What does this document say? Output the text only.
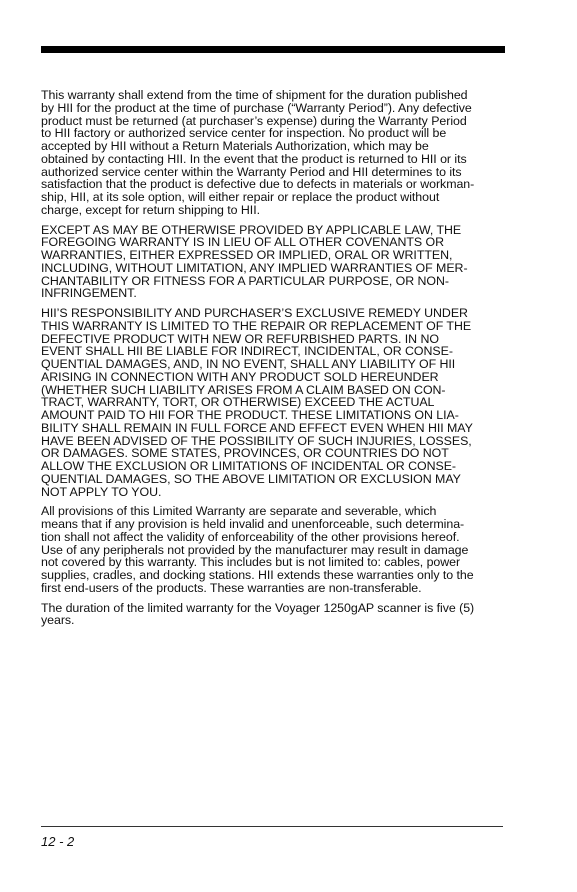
This warranty shall extend from the time of shipment for the duration published
by HII for the product at the time of purchase (“Warranty Period”). Any defective
product must be returned (at purchaser’s expense) during the Warranty Period
to HII factory or authorized service center for inspection. No product will be
accepted by HII without a Return Materials Authorization, which may be
obtained by contacting HII. In the event that the product is returned to HII or its
authorized service center within the Warranty Period and HII determines to its
satisfaction that the product is defective due to defects in materials or workman-
ship, HII, at its sole option, will either repair or replace the product without
charge, except for return shipping to HII.

EXCEPT AS MAY BE OTHERWISE PROVIDED BY APPLICABLE LAW, THE
FOREGOING WARRANTY IS IN LIEU OF ALL OTHER COVENANTS OR
WARRANTIES, EITHER EXPRESSED OR IMPLIED, ORAL OR WRITTEN,
INCLUDING, WITHOUT LIMITATION, ANY IMPLIED WARRANTIES OF MER-
CHANTABILITY OR FITNESS FOR A PARTICULAR PURPOSE, OR NON-
INFRINGEMENT.

HII’S RESPONSIBILITY AND PURCHASER’S EXCLUSIVE REMEDY UNDER
THIS WARRANTY IS LIMITED TO THE REPAIR OR REPLACEMENT OF THE
DEFECTIVE PRODUCT WITH NEW OR REFURBISHED PARTS. IN NO
EVENT SHALL HII BE LIABLE FOR INDIRECT, INCIDENTAL, OR CONSE-
QUENTIAL DAMAGES, AND, IN NO EVENT, SHALL ANY LIABILITY OF HII
ARISING IN CONNECTION WITH ANY PRODUCT SOLD HEREUNDER
(WHETHER SUCH LIABILITY ARISES FROM A CLAIM BASED ON CON-
TRACT, WARRANTY, TORT, OR OTHERWISE) EXCEED THE ACTUAL
AMOUNT PAID TO HII FOR THE PRODUCT. THESE LIMITATIONS ON LIA-
BILITY SHALL REMAIN IN FULL FORCE AND EFFECT EVEN WHEN HII MAY
HAVE BEEN ADVISED OF THE POSSIBILITY OF SUCH INJURIES, LOSSES,
OR DAMAGES. SOME STATES, PROVINCES, OR COUNTRIES DO NOT
ALLOW THE EXCLUSION OR LIMITATIONS OF INCIDENTAL OR CONSE-
QUENTIAL DAMAGES, SO THE ABOVE LIMITATION OR EXCLUSION MAY
NOT APPLY TO YOU.

All provisions of this Limited Warranty are separate and severable, which
means that if any provision is held invalid and unenforceable, such determina-
tion shall not affect the validity of enforceability of the other provisions hereof.
Use of any peripherals not provided by the manufacturer may result in damage
not covered by this warranty. This includes but is not limited to: cables, power
supplies, cradles, and docking stations. HII extends these warranties only to the
first end-users of the products. These warranties are non-transferable.

The duration of the limited warranty for the Voyager 1250gAP scanner is five (5)
years.

12 - 2
